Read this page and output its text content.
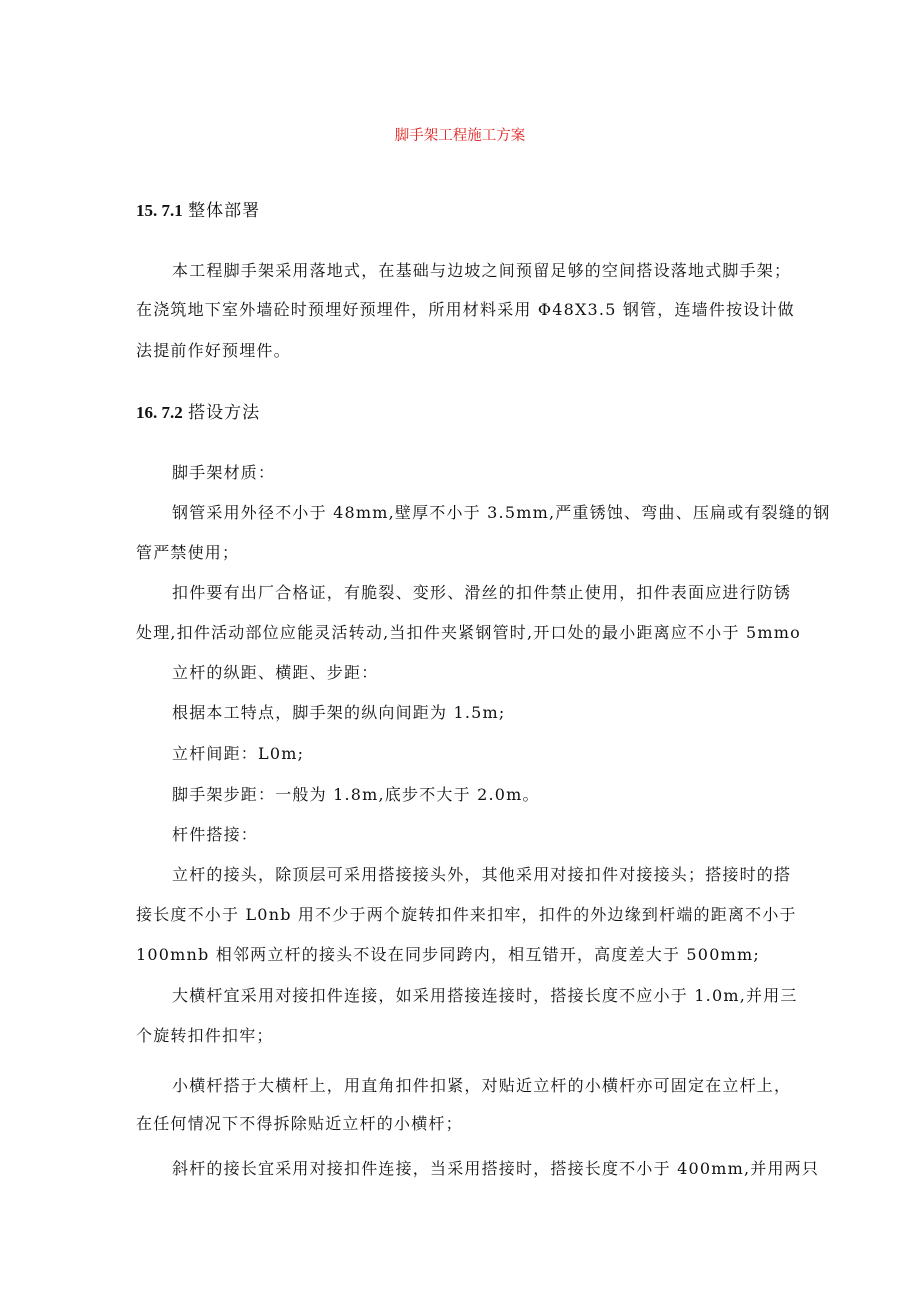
脚手架工程施工方案
15. 7.1 整体部署
本工程脚手架采用落地式，在基础与边坡之间预留足够的空间搭设落地式脚手架；
在浇筑地下室外墙砼时预埋好预埋件，所用材料采用 Φ48X3.5 钢管，连墙件按设计做
法提前作好预埋件。
16. 7.2 搭设方法
脚手架材质：
钢管采用外径不小于 48mm,壁厚不小于 3.5mm,严重锈蚀、弯曲、压扁或有裂缝的钢
管严禁使用；
扣件要有出厂合格证，有脆裂、变形、滑丝的扣件禁止使用，扣件表面应进行防锈
处理,扣件活动部位应能灵活转动,当扣件夹紧钢管时,开口处的最小距离应不小于 5mmo
立杆的纵距、横距、步距：
根据本工特点，脚手架的纵向间距为 1.5m;
立杆间距：L0m;
脚手架步距：一般为 1.8m,底步不大于 2.0m。
杆件搭接：
立杆的接头，除顶层可采用搭接接头外，其他采用对接扣件对接接头；搭接时的搭
接长度不小于 L0nb 用不少于两个旋转扣件来扣牢，扣件的外边缘到杆端的距离不小于
100mnb 相邻两立杆的接头不设在同步同跨内，相互错开，高度差大于 500mm;
大横杆宜采用对接扣件连接，如采用搭接连接时，搭接长度不应小于 1.0m,并用三
个旋转扣件扣牢；
小横杆搭于大横杆上，用直角扣件扣紧，对贴近立杆的小横杆亦可固定在立杆上，
在任何情况下不得拆除贴近立杆的小横杆；
斜杆的接长宜采用对接扣件连接，当采用搭接时，搭接长度不小于 400mm,并用两只
